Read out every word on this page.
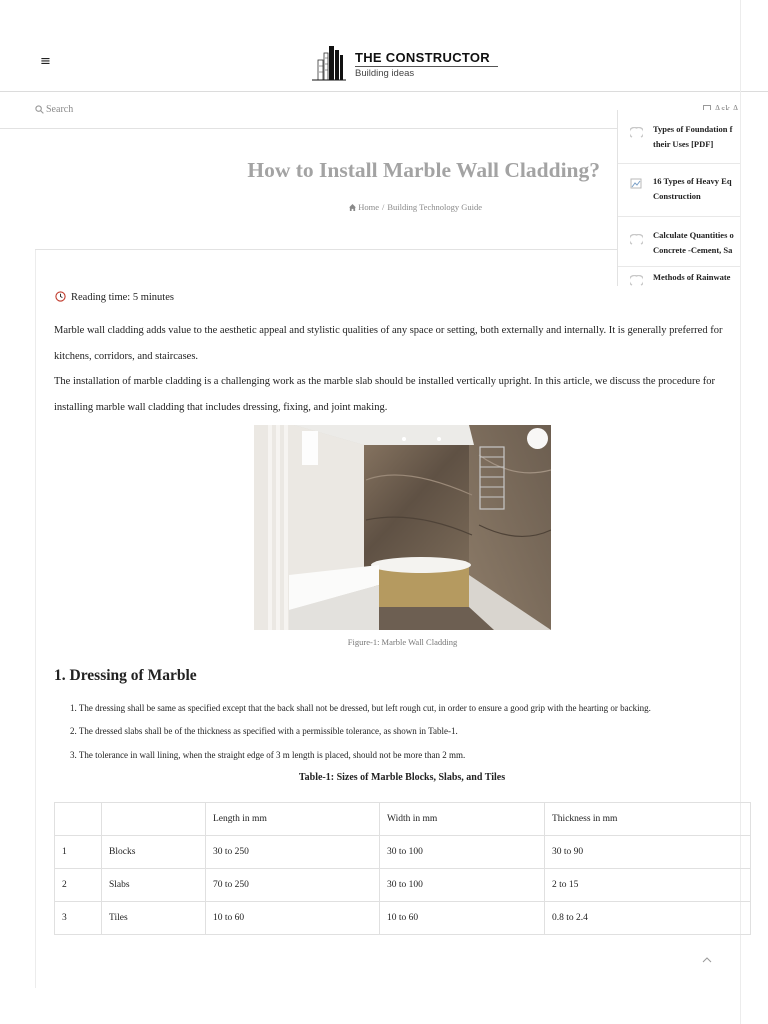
≡	THE CONSTRUCTOR
Building ideas
Search
How to Install Marble Wall Cladding?
Home / Building Technology Guide
Types of Foundation f
their Uses [PDF]
16 Types of Heavy Eq
Construction
Calculate Quantities o
Concrete -Cement, Sa
Methods of Rainwate
Reading time: 5 minutes

Marble wall cladding adds value to the aesthetic appeal and stylistic qualities of any space or setting, both externally and internally. It is generally preferred for
kitchens, corridors, and staircases.

The installation of marble cladding is a challenging work as the marble slab should be installed vertically upright. In this article, we discuss the procedure for
installing marble wall cladding that includes dressing, fixing, and joint making.

Figure-1: Marble Wall Cladding
1. Dressing of Marble
1. The dressing shall be same as specified except that the back shall not be dressed, but left rough cut, in order to ensure a good grip with the hearting or backing.
2. The dressed slabs shall be of the thickness as specified with a permissible tolerance, as shown in Table-1.
3. The tolerance in wall lining, when the straight edge of 3 m length is placed, should not be more than 2 mm.
Table-1: Sizes of Marble Blocks, Slabs, and Tiles
		Length in mm	Width in mm	Thickness in mm
1	Blocks	30 to 250	30 to 100	30 to 90
2	Slabs	70 to 250	30 to 100	2 to 15
3	Tiles	10 to 60	10 to 60	0.8 to 2.4
